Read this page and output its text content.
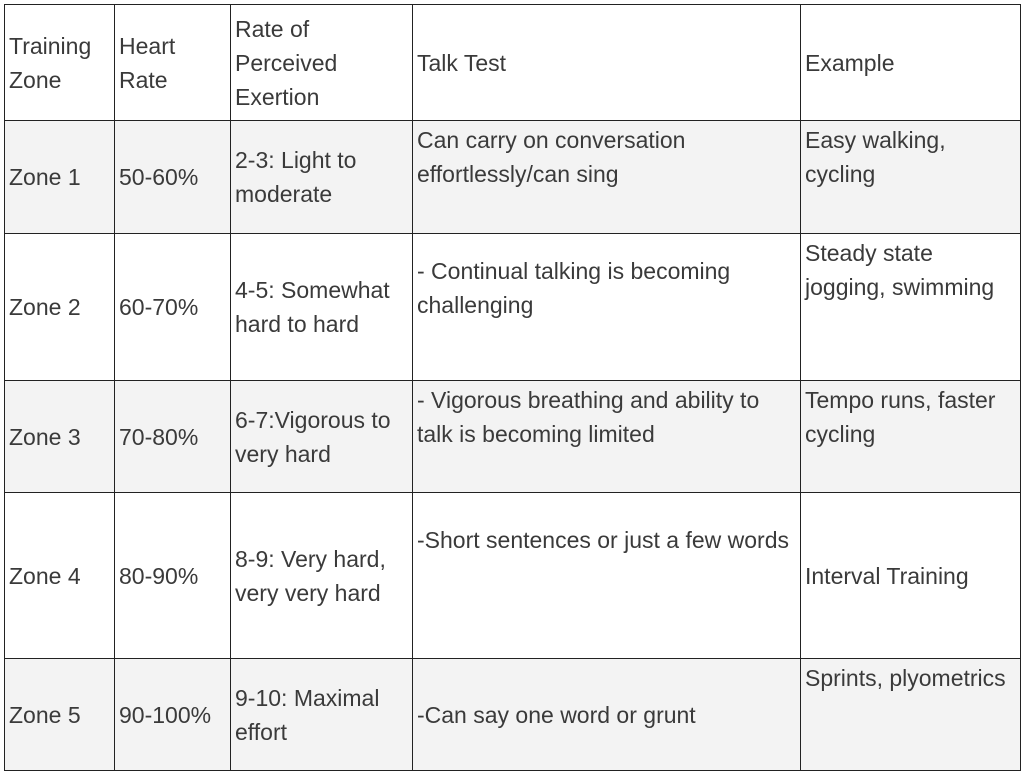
Training Zone	Heart Rate	Rate of Perceived Exertion	Talk Test	Example
Zone 1	50-60%	2-3: Light to moderate	Can carry on conversation effortlessly/can sing	Easy walking, cycling
Zone 2	60-70%	4-5: Somewhat hard to hard	- Continual talking is becoming challenging	Steady state jogging, swimming
Zone 3	70-80%	6-7:Vigorous to very hard	- Vigorous breathing and ability to talk is becoming limited	Tempo runs, faster cycling
Zone 4	80-90%	8-9: Very hard, very very hard	-Short sentences or just a few words	Interval Training
Zone 5	90-100%	9-10: Maximal effort	-Can say one word or grunt	Sprints, plyometrics
